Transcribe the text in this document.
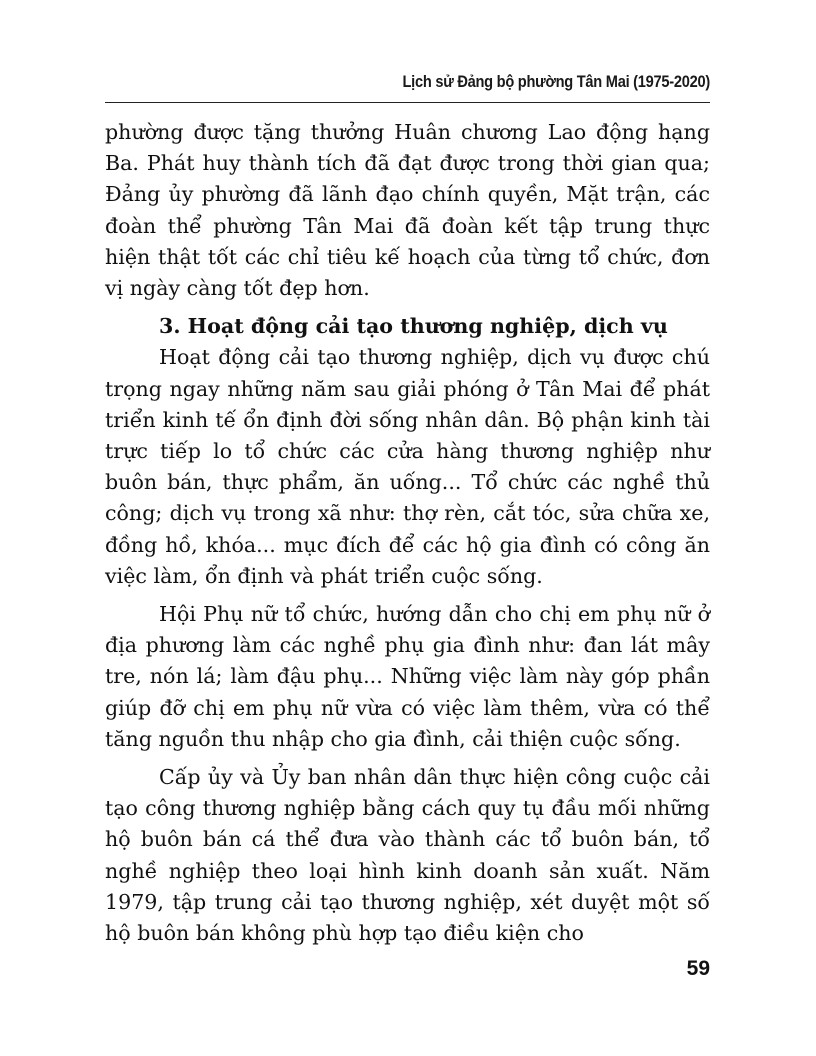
Lịch sử Đảng bộ phường Tân Mai (1975-2020)

phường được tặng thưởng Huân chương Lao động hạng Ba. Phát huy thành tích đã đạt được trong thời gian qua; Đảng ủy phường đã lãnh đạo chính quyền, Mặt trận, các đoàn thể phường Tân Mai đã đoàn kết tập trung thực hiện thật tốt các chỉ tiêu kế hoạch của từng tổ chức, đơn vị ngày càng tốt đẹp hơn.

3. Hoạt động cải tạo thương nghiệp, dịch vụ

Hoạt động cải tạo thương nghiệp, dịch vụ được chú trọng ngay những năm sau giải phóng ở Tân Mai để phát triển kinh tế ổn định đời sống nhân dân. Bộ phận kinh tài trực tiếp lo tổ chức các cửa hàng thương nghiệp như buôn bán, thực phẩm, ăn uống... Tổ chức các nghề thủ công; dịch vụ trong xã như: thợ rèn, cắt tóc, sửa chữa xe, đồng hồ, khóa... mục đích để các hộ gia đình có công ăn việc làm, ổn định và phát triển cuộc sống.

Hội Phụ nữ tổ chức, hướng dẫn cho chị em phụ nữ ở địa phương làm các nghề phụ gia đình như: đan lát mây tre, nón lá; làm đậu phụ... Những việc làm này góp phần giúp đỡ chị em phụ nữ vừa có việc làm thêm, vừa có thể tăng nguồn thu nhập cho gia đình, cải thiện cuộc sống.

Cấp ủy và Ủy ban nhân dân thực hiện công cuộc cải tạo công thương nghiệp bằng cách quy tụ đầu mối những hộ buôn bán cá thể đưa vào thành các tổ buôn bán, tổ nghề nghiệp theo loại hình kinh doanh sản xuất. Năm 1979, tập trung cải tạo thương nghiệp, xét duyệt một số hộ buôn bán không phù hợp tạo điều kiện cho

59
